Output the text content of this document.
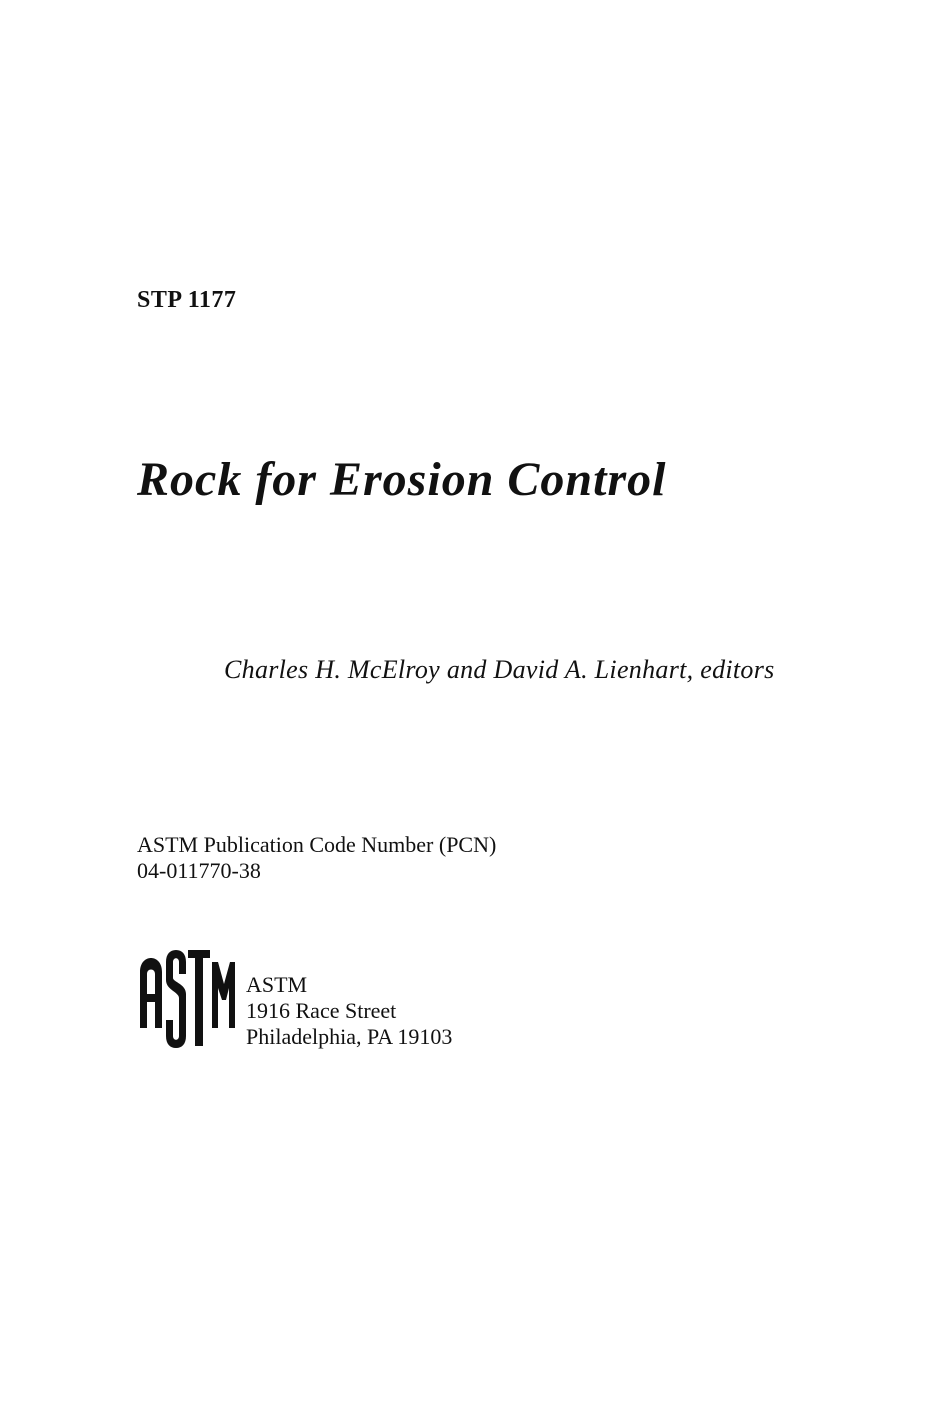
STP 1177
Rock for Erosion Control
Charles H. McElroy and David A. Lienhart, editors
ASTM Publication Code Number (PCN)
04-011770-38
ASTM
1916 Race Street
Philadelphia, PA 19103
